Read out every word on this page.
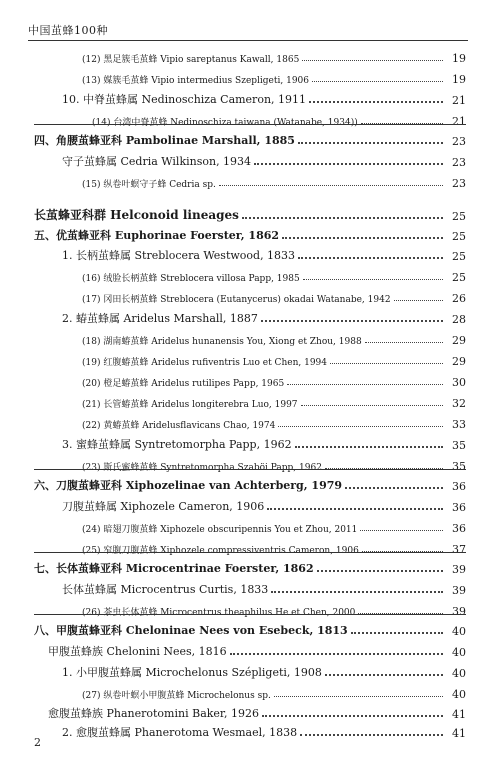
中国茧蜂100种
(12) 黑足簇毛茧蜂 Vipio sareptanus Kawall, 1865	19
(13) 媒簇毛茧蜂 Vipio intermedius Szepligeti, 1906	19
10. 中脊茧蜂属 Nedinoschiza Cameron, 1911	21
(14) 台湾中脊茧蜂 Nedinoschiza taiwana (Watanabe, 1934))	21
四、角腰茧蜂亚科 Pambolinae Marshall, 1885	23
守子茧蜂属 Cedria Wilkinson, 1934	23
(15) 纵卷叶螟守子蜂 Cedria sp.	23
长茧蜂亚科群 Helconoid lineages	25
五、优茧蜂亚科 Euphorinae Foerster, 1862	25
1. 长柄茧蜂属 Streblocera Westwood, 1833	25
(16) 绒脸长柄茧蜂 Streblocera villosa Papp, 1985	25
(17) 冈田长柄茧蜂 Streblocera (Eutanycerus) okadai Watanabe, 1942	26
2. 蝽茧蜂属 Aridelus Marshall, 1887	28
(18) 湖南蝽茧蜂 Aridelus hunanensis You, Xiong et Zhou, 1988	29
(19) 红腹蝽茧蜂 Aridelus rufiventris Luo et Chen, 1994	29
(20) 橙足蝽茧蜂 Aridelus rutilipes Papp, 1965	30
(21) 长管蝽茧蜂 Aridelus longiterebra Luo, 1997	32
(22) 黄蝽茧蜂 Aridelusflavicans Chao, 1974	33
3. 蜜蜂茧蜂属 Syntretomorpha Papp, 1962	35
(23) 斯氏蜜蜂茧蜂 Syntretomorpha Szaböi Papp, 1962	35
六、刀腹茧蜂亚科 Xiphozelinae van Achterberg, 1979	36
刀腹茧蜂属 Xiphozele Cameron, 1906	36
(24) 暗翅刀腹茧蜂 Xiphozele obscuripennis You et Zhou, 2011	36
(25) 窄腹刀腹茧蜂 Xiphozele compressiventris Cameron, 1906	37
七、长体茧蜂亚科 Microcentrinae Foerster, 1862	39
长体茧蜂属 Microcentrus Curtis, 1833	39
(26) 茶虫长体茧蜂 Microcentrus theaphilus He et Chen, 2000	39
八、甲腹茧蜂亚科 Cheloninae Nees von Esebeck, 1813	40
甲腹茧蜂族 Chelonini Nees, 1816	40
1. 小甲腹茧蜂属 Microchelonus Szépligeti, 1908	40
(27) 纵卷叶螟小甲腹茧蜂 Microchelonus sp.	40
愈腹茧蜂族 Phanerotomini Baker, 1926	41
2. 愈腹茧蜂属 Phanerotoma Wesmael, 1838	41
2
